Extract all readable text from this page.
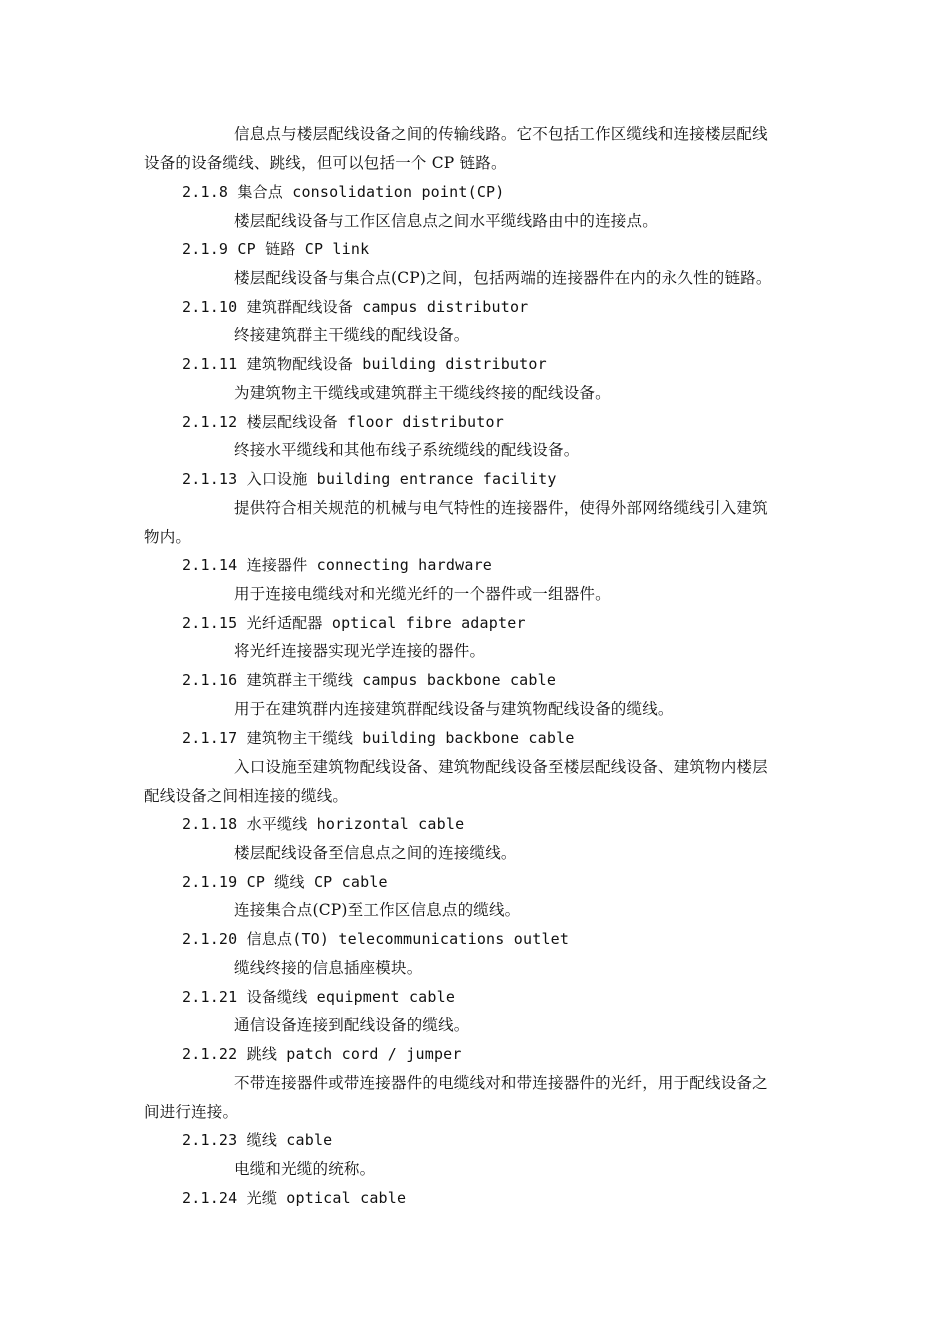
信息点与楼层配线设备之间的传输线路。它不包括工作区缆线和连接楼层配线
设备的设备缆线、跳线，但可以包括一个 CP 链路。
2.1.8 集合点 consolidation point(CP)
楼层配线设备与工作区信息点之间水平缆线路由中的连接点。
2.1.9 CP 链路 CP link
楼层配线设备与集合点(CP)之间，包括两端的连接器件在内的永久性的链路。
2.1.10 建筑群配线设备 campus distributor
终接建筑群主干缆线的配线设备。
2.1.11 建筑物配线设备 building distributor
为建筑物主干缆线或建筑群主干缆线终接的配线设备。
2.1.12 楼层配线设备 floor distributor
终接水平缆线和其他布线子系统缆线的配线设备。
2.1.13 入口设施 building entrance facility
提供符合相关规范的机械与电气特性的连接器件，使得外部网络缆线引入建筑
物内。
2.1.14 连接器件 connecting hardware
用于连接电缆线对和光缆光纤的一个器件或一组器件。
2.1.15 光纤适配器 optical fibre adapter
将光纤连接器实现光学连接的器件。
2.1.16 建筑群主干缆线 campus backbone cable
用于在建筑群内连接建筑群配线设备与建筑物配线设备的缆线。
2.1.17 建筑物主干缆线 building backbone cable
入口设施至建筑物配线设备、建筑物配线设备至楼层配线设备、建筑物内楼层
配线设备之间相连接的缆线。
2.1.18 水平缆线 horizontal cable
楼层配线设备至信息点之间的连接缆线。
2.1.19 CP 缆线 CP cable
连接集合点(CP)至工作区信息点的缆线。
2.1.20 信息点(TO) telecommunications outlet
缆线终接的信息插座模块。
2.1.21 设备缆线 equipment cable
通信设备连接到配线设备的缆线。
2.1.22 跳线 patch cord / jumper
不带连接器件或带连接器件的电缆线对和带连接器件的光纤，用于配线设备之
间进行连接。
2.1.23 缆线 cable
电缆和光缆的统称。
2.1.24 光缆 optical cable
